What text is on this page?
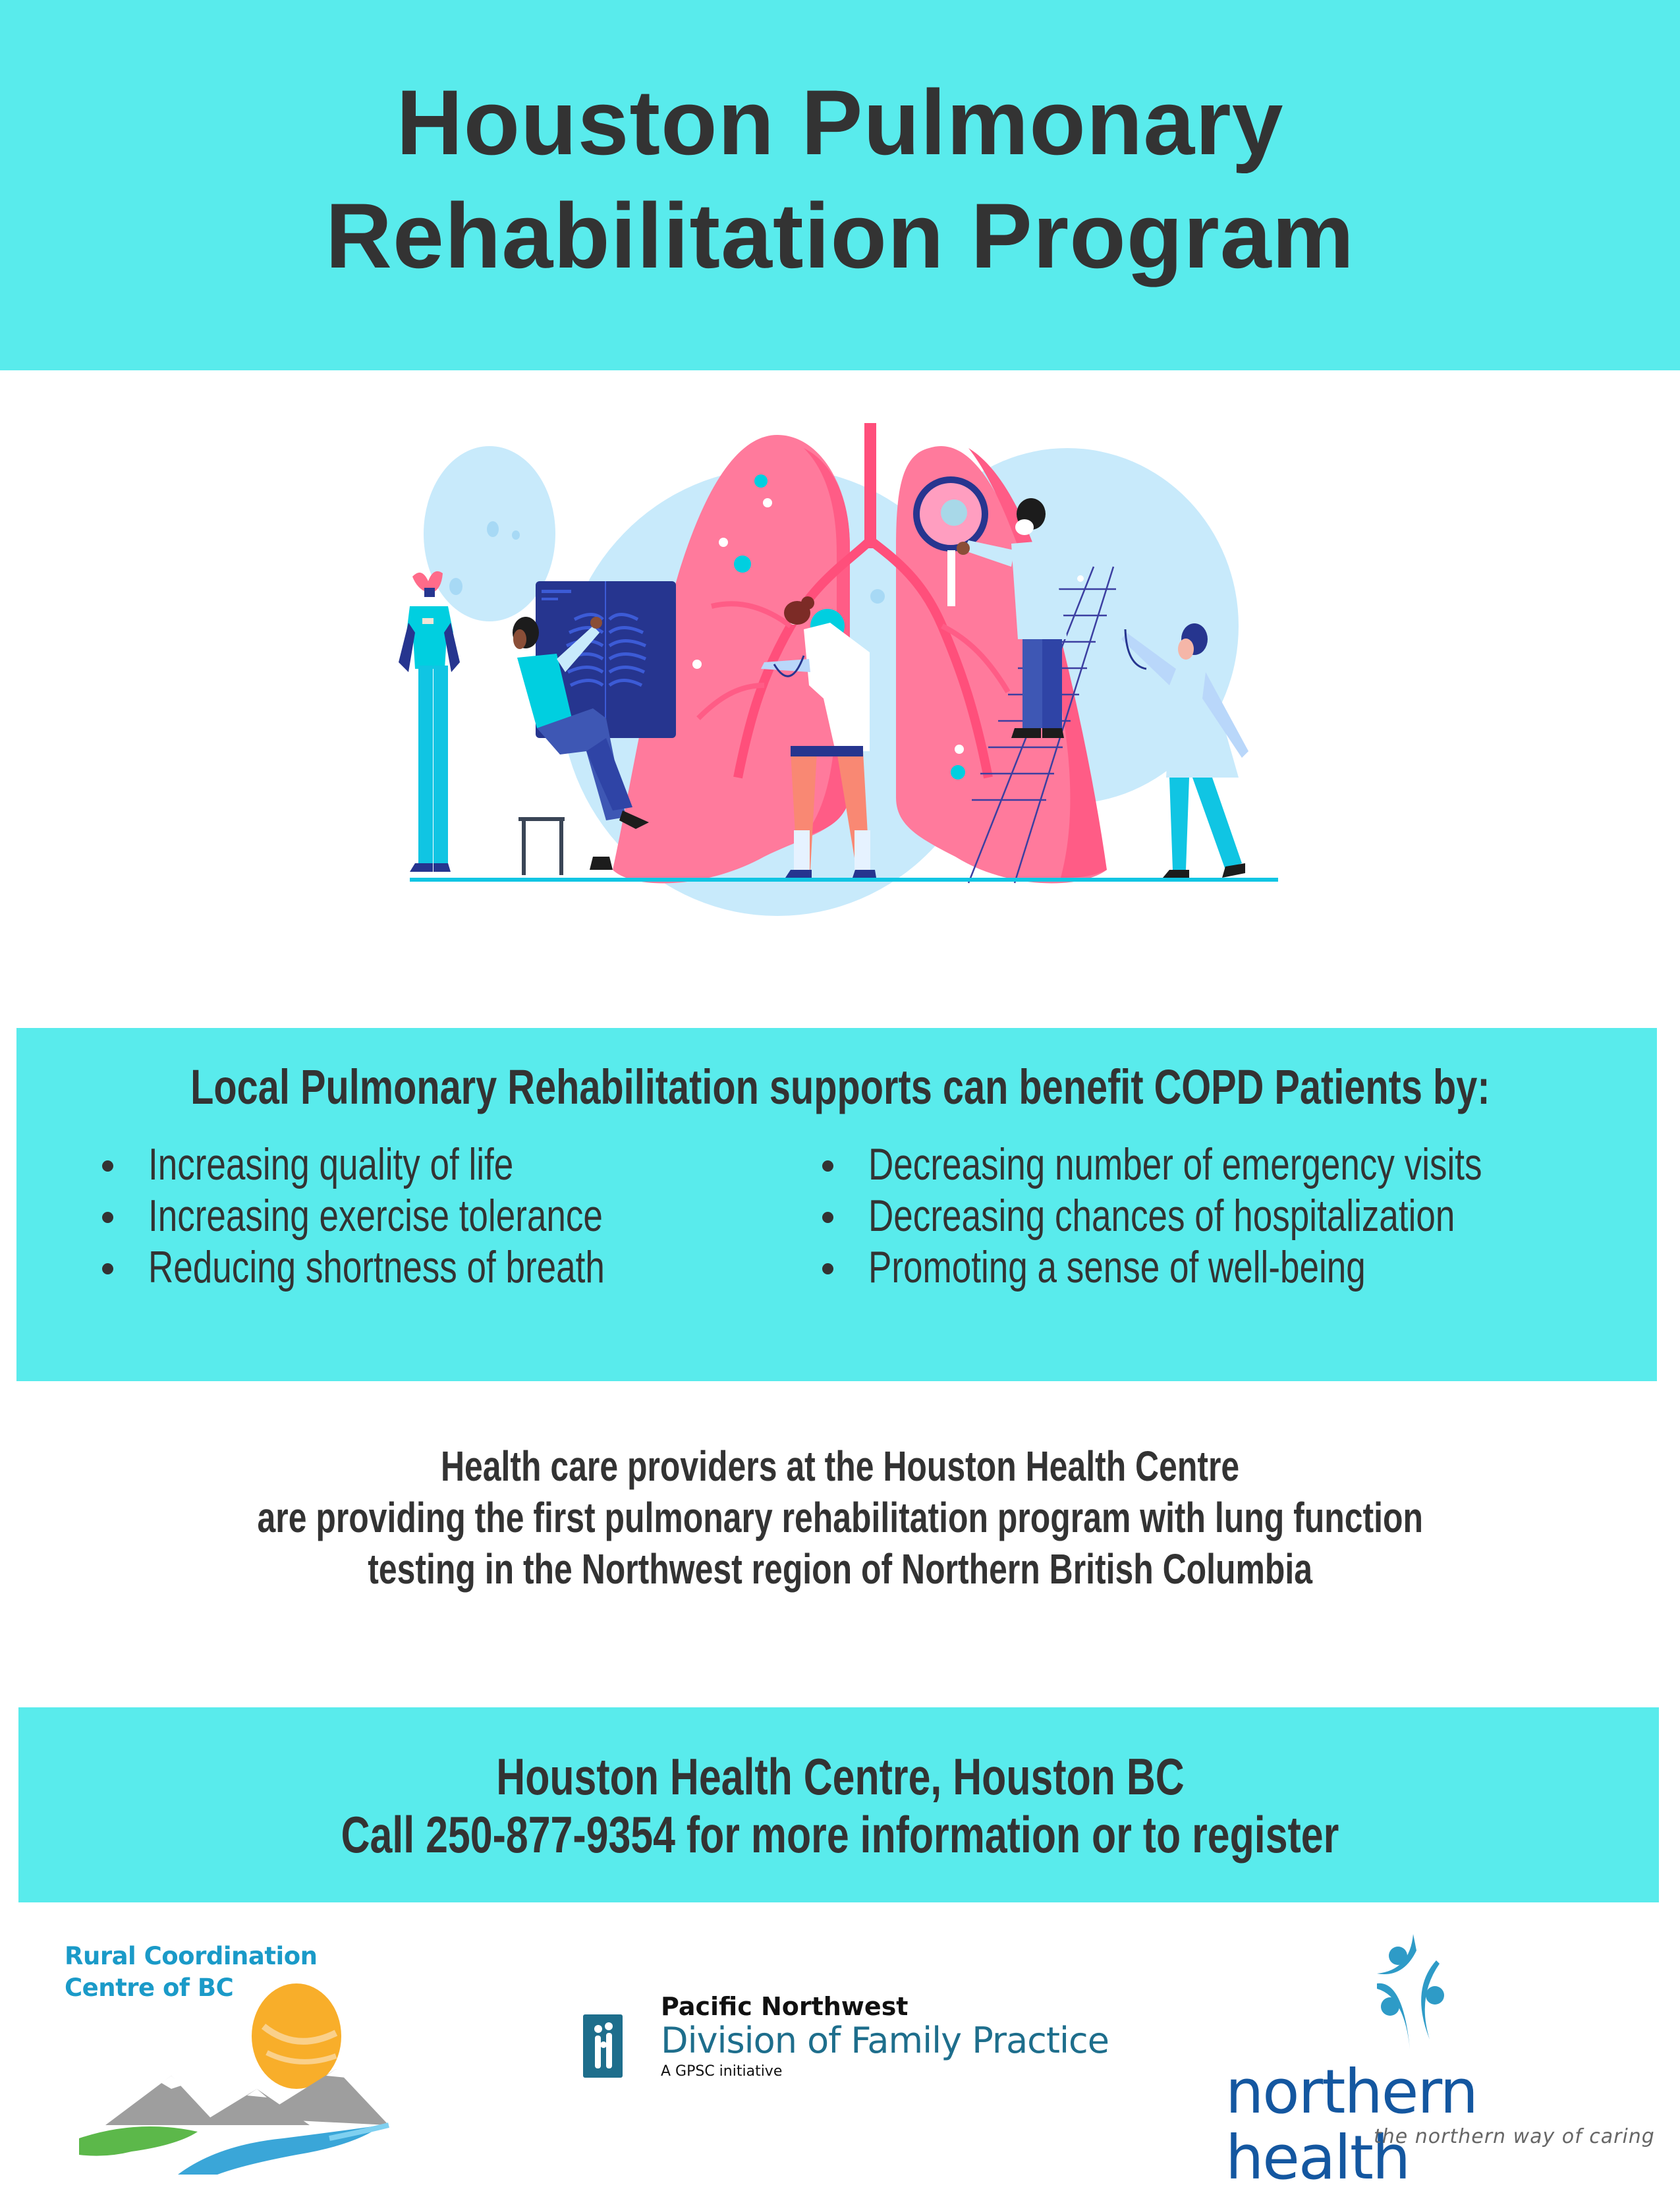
Houston Pulmonary
Rehabilitation Program
Local Pulmonary Rehabilitation supports can benefit COPD Patients by:
Increasing quality of life
Increasing exercise tolerance
Reducing shortness of breath
Decreasing number of emergency visits
Decreasing chances of hospitalization
Promoting a sense of well-being
Health care providers at the Houston Health Centre
are providing the first pulmonary rehabilitation program with lung function
testing in the Northwest region of Northern British Columbia
Houston Health Centre, Houston BC
Call 250-877-9354 for more information or to register
Rural Coordination
Centre of BC
Pacific Northwest
Division of Family Practice
A GPSC initiative	northern health
the northern way of caring
